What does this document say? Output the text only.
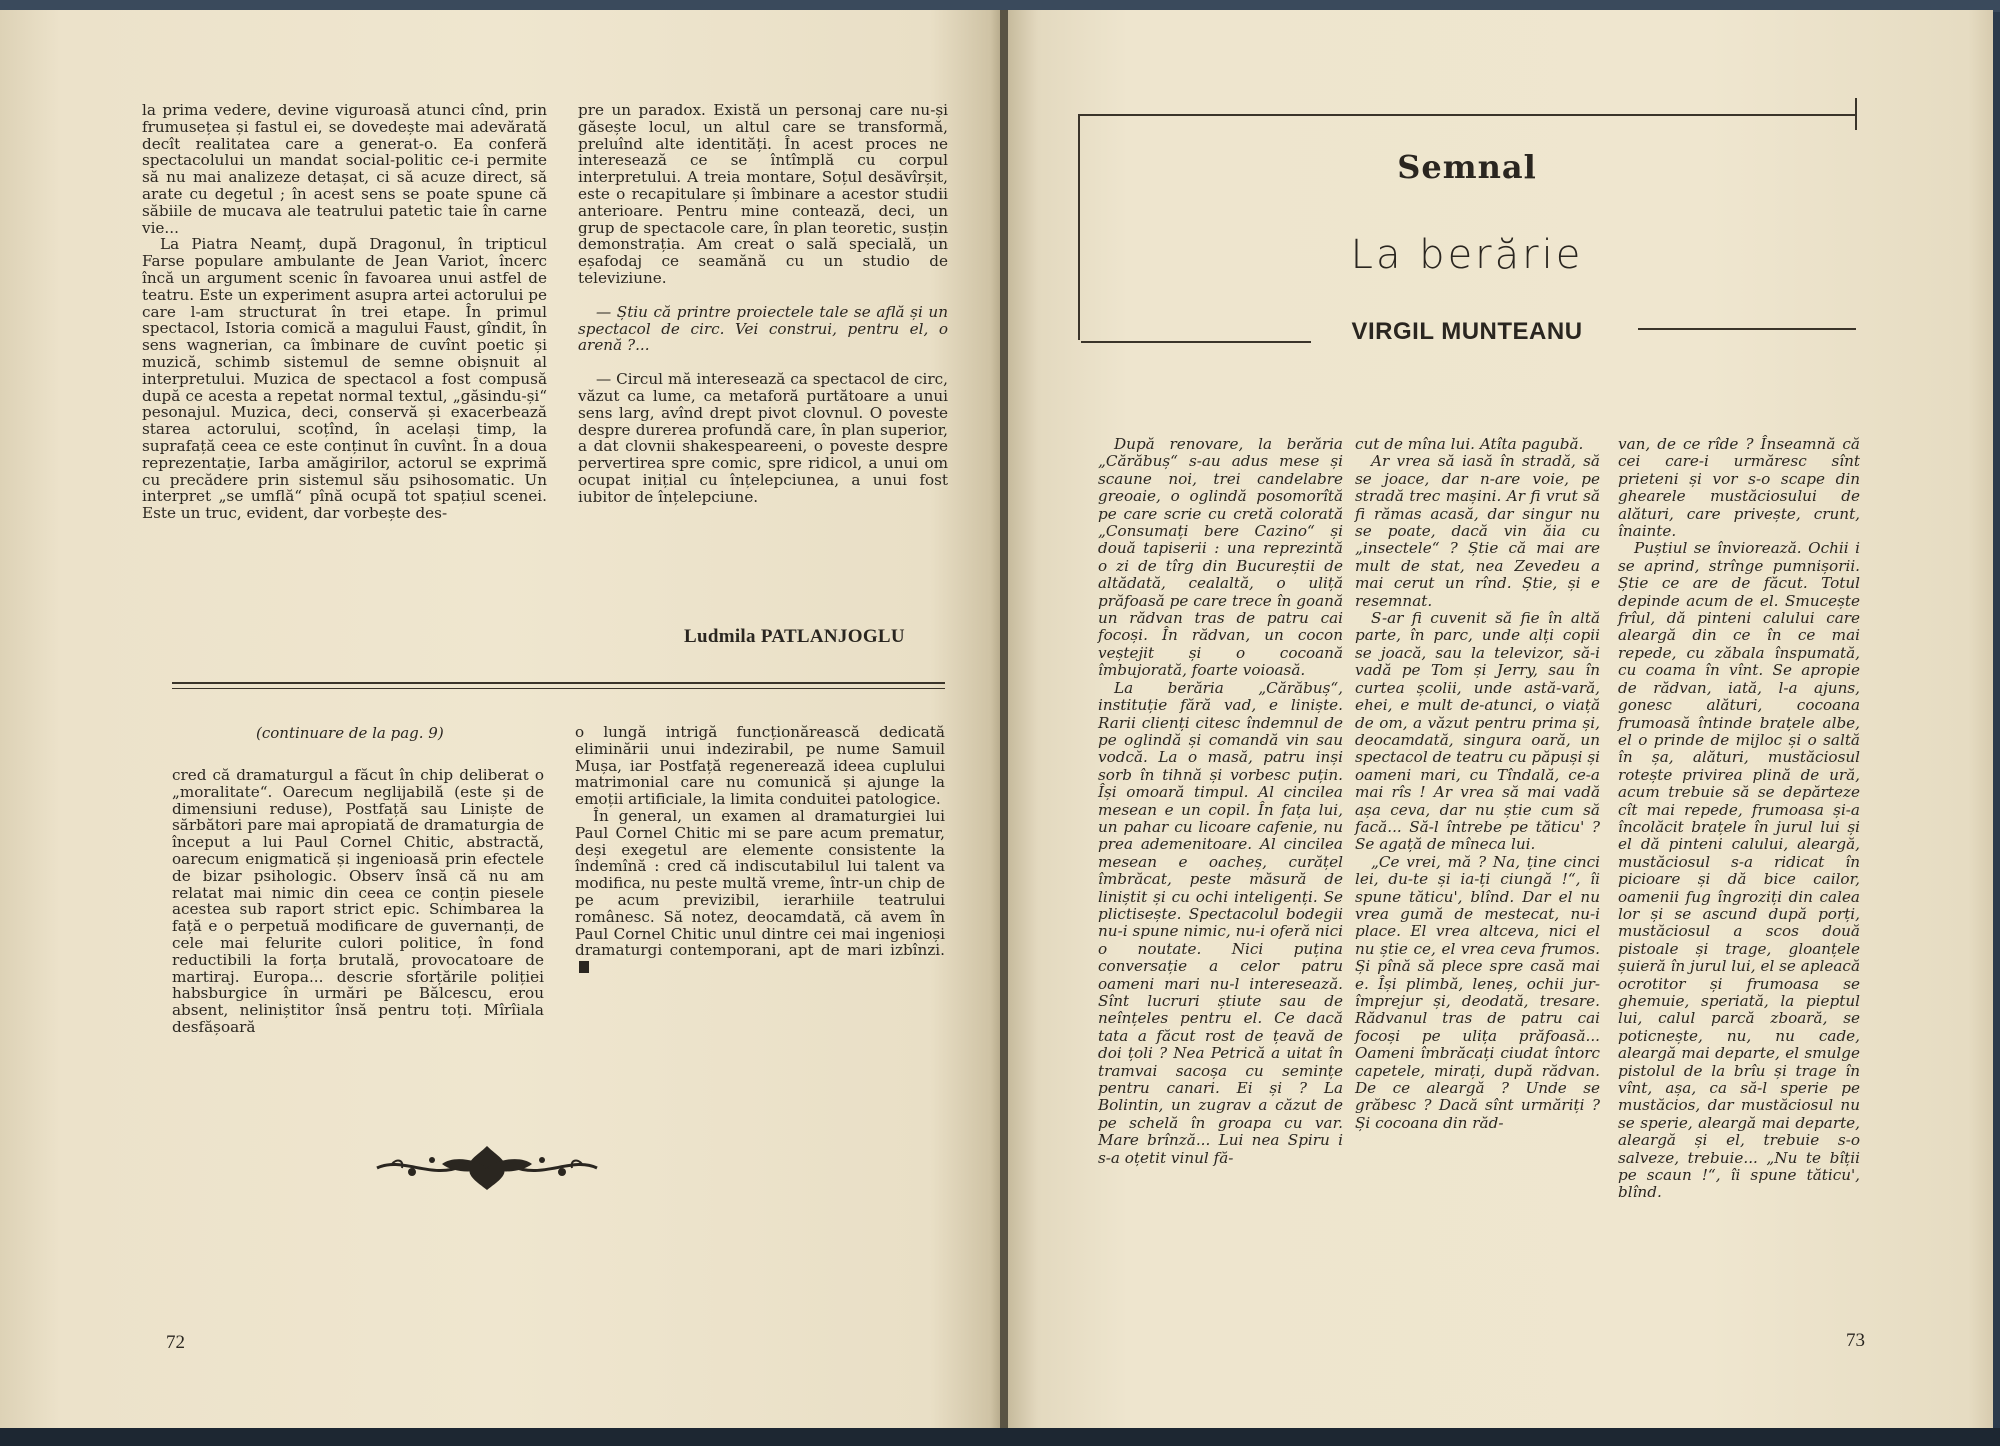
la prima vedere, devine viguroasă atunci cînd, prin frumusețea și fastul ei, se dovedește mai adevărată decît realitatea care a generat-o. Ea conferă spectacolului un mandat social-politic ce-i permite să nu mai analizeze detașat, ci să acuze direct, să arate cu degetul ; în acest sens se poate spune că săbiile de mucava ale teatrului patetic taie în carne vie...

La Piatra Neamț, după Dragonul, în tripticul Farse populare ambulante de Jean Variot, încerc încă un argument scenic în favoarea unui astfel de teatru. Este un experiment asupra artei actorului pe care l-am structurat în trei etape. În primul spectacol, Istoria comică a magului Faust, gîndit, în sens wagnerian, ca îmbinare de cuvînt poetic și muzică, schimb sistemul de semne obișnuit al interpretului. Muzica de spectacol a fost compusă după ce acesta a repetat normal textul, „găsindu-și“ pesonajul. Muzica, deci, conservă și exacerbează starea actorului, scoțînd, în același timp, la suprafață ceea ce este conținut în cuvînt. În a doua reprezentație, Iarba amăgirilor, actorul se exprimă cu precădere prin sistemul său psihosomatic. Un interpret „se umflă“ pînă ocupă tot spațiul scenei. Este un truc, evident, dar vorbește des-

pre un paradox. Există un personaj care nu-și găsește locul, un altul care se transformă, preluînd alte identități. În acest proces ne interesează ce se întîmplă cu corpul interpretului. A treia montare, Soțul desăvîrșit, este o recapitulare și îmbinare a acestor studii anterioare. Pentru mine contează, deci, un grup de spectacole care, în plan teoretic, susțin demonstrația. Am creat o sală specială, un eșafodaj ce seamănă cu un studio de televiziune.

— Știu că printre proiectele tale se află și un spectacol de circ. Vei construi, pentru el, o arenă ?...

— Circul mă interesează ca spectacol de circ, văzut ca lume, ca metaforă purtătoare a unui sens larg, avînd drept pivot clovnul. O poveste despre durerea profundă care, în plan superior, a dat clovnii shakespeareeni, o poveste despre pervertirea spre comic, spre ridicol, a unui om ocupat inițial cu înțelepciunea, a unui fost iubitor de înțelepciune.

Ludmila PATLANJOGLU
(continuare de la pag. 9)

cred că dramaturgul a făcut în chip deliberat o „moralitate“. Oarecum neglijabilă (este și de dimensiuni reduse), Postfață sau Liniște de sărbători pare mai apropiată de dramaturgia de început a lui Paul Cornel Chitic, abstractă, oarecum enigmatică și ingenioasă prin efectele de bizar psihologic. Observ însă că nu am relatat mai nimic din ceea ce conțin piesele acestea sub raport strict epic. Schimbarea la față e o perpetuă modificare de guvernanți, de cele mai felurite culori politice, în fond reductibili la forța brutală, provocatoare de martiraj. Europa... descrie sforțările poliției habsburgice în urmări pe Bălcescu, erou absent, neliniștitor însă pentru toți. Mîrîiala desfășoară

o lungă intrigă funcționărească dedicată eliminării unui indezirabil, pe nume Samuil Mușa, iar Postfață regenerează ideea cuplului matrimonial care nu comunică și ajunge la emoții artificiale, la limita conduitei patologice.

În general, un examen al dramaturgiei lui Paul Cornel Chitic mi se pare acum prematur, deși exegetul are elemente consistente la îndemînă : cred că indiscutabilul lui talent va modifica, nu peste multă vreme, într-un chip de pe acum previzibil, ierarhiile teatrului românesc. Să notez, deocamdată, că avem în Paul Cornel Chitic unul dintre cei mai ingenioși dramaturgi contemporani, apt de mari izbînzi.

72
Semnal
La berărie
VIRGIL MUNTEANU

După renovare, la berăria „Cărăbuș“ s-au adus mese și scaune noi, trei candelabre greoaie, o oglindă posomorîtă pe care scrie cu cretă colorată „Consumați bere Cazino“ și două tapiserii : una reprezintă o zi de tîrg din Bucureștii de altădată, cealaltă, o uliță prăfoasă pe care trece în goană un rădvan tras de patru cai focoși. În rădvan, un cocon veștejit și o cocoană îmbujorată, foarte voioasă.

La berăria „Cărăbuș“, instituție fără vad, e liniște. Rarii clienți citesc îndemnul de pe oglindă și comandă vin sau vodcă. La o masă, patru inși sorb în tihnă și vorbesc puțin. Își omoară timpul. Al cincilea mesean e un copil. În fața lui, un pahar cu licoare cafenie, nu prea ademenitoare. Al cincilea mesean e oacheș, curățel îmbrăcat, peste măsură de liniștit și cu ochi inteligenți. Se plictisește. Spectacolul bodegii nu-i spune nimic, nu-i oferă nici o noutate. Nici puțina conversație a celor patru oameni mari nu-l interesează. Sînt lucruri știute sau de neînțeles pentru el. Ce dacă tata a făcut rost de țeavă de doi țoli ? Nea Petrică a uitat în tramvai sacoșa cu semințe pentru canari. Ei și ? La Bolintin, un zugrav a căzut de pe schelă în groapa cu var. Mare brînză... Lui nea Spiru i s-a oțetit vinul fă-

cut de mîna lui. Atîta pagubă.

Ar vrea să iasă în stradă, să se joace, dar n-are voie, pe stradă trec mașini. Ar fi vrut să fi rămas acasă, dar singur nu se poate, dacă vin ăia cu „insectele“ ? Știe că mai are mult de stat, nea Zevedeu a mai cerut un rînd. Știe, și e resemnat.

S-ar fi cuvenit să fie în altă parte, în parc, unde alți copii se joacă, sau la televizor, să-i vadă pe Tom și Jerry, sau în curtea școlii, unde astă-vară, ehei, e mult de-atunci, o viață de om, a văzut pentru prima și, deocamdată, singura oară, un spectacol de teatru cu păpuși și oameni mari, cu Tîndală, ce-a mai rîs ! Ar vrea să mai vadă așa ceva, dar nu știe cum să facă... Să-l întrebe pe tăticu' ? Se agață de mîneca lui.

„Ce vrei, mă ? Na, ține cinci lei, du-te și ia-ți ciungă !“, îi spune tăticu', blînd. Dar el nu vrea gumă de mestecat, nu-i place. El vrea altceva, nici el nu știe ce, el vrea ceva frumos. Și pînă să plece spre casă mai e. Își plimbă, leneș, ochii jur-împrejur și, deodată, tresare. Rădvanul tras de patru cai focoși pe ulița prăfoasă... Oameni îmbrăcați ciudat întorc capetele, mirați, după rădvan. De ce aleargă ? Unde se grăbesc ? Dacă sînt urmăriți ? Și cocoana din răd-

van, de ce rîde ? Înseamnă că cei care-i urmăresc sînt prieteni și vor s-o scape din ghearele mustăciosului de alături, care privește, crunt, înainte.

Puștiul se înviorează. Ochii i se aprind, strînge pumnișorii. Știe ce are de făcut. Totul depinde acum de el. Smucește frîul, dă pinteni calului care aleargă din ce în ce mai repede, cu zăbala înspumată, cu coama în vînt. Se apropie de rădvan, iată, l-a ajuns, gonesc alături, cocoana frumoasă întinde brațele albe, el o prinde de mijloc și o saltă în șa, alături, mustăciosul rotește privirea plină de ură, acum trebuie să se depărteze cît mai repede, frumoasa și-a încolăcit brațele în jurul lui și el dă pinteni calului, aleargă, mustăciosul s-a ridicat în picioare și dă bice cailor, oamenii fug îngroziți din calea lor și se ascund după porți, mustăciosul a scos două pistoale și trage, gloanțele șuieră în jurul lui, el se apleacă ocrotitor și frumoasa se ghemuie, speriată, la pieptul lui, calul parcă zboară, se poticnește, nu, nu cade, aleargă mai departe, el smulge pistolul de la brîu și trage în vînt, așa, ca să-l sperie pe mustăcios, dar mustăciosul nu se sperie, aleargă mai departe, aleargă și el, trebuie s-o salveze, trebuie... „Nu te bîții pe scaun !“, îi spune tăticu', blînd.

73
